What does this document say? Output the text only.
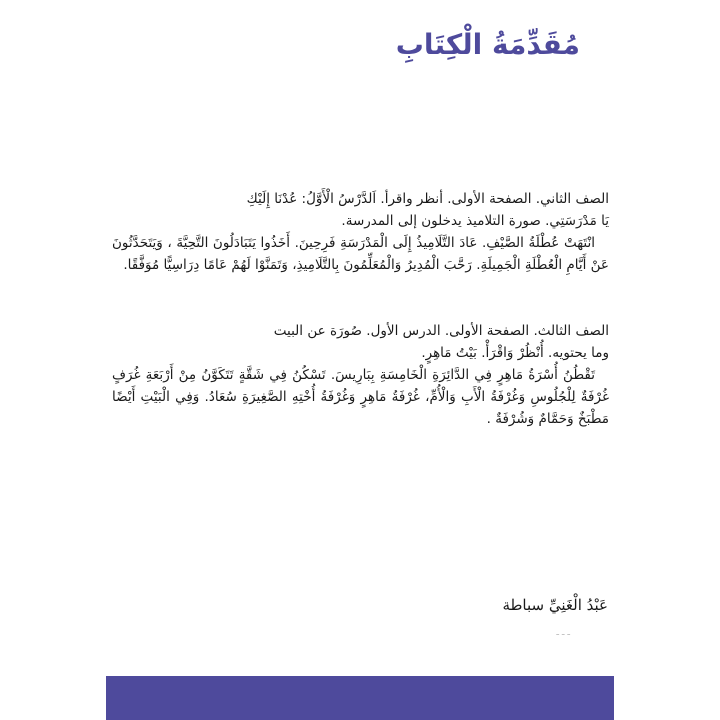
مُقَدِّمَةُ الْكِتَابِ

الصف الثاني. الصفحة الأولى. أنظر واقرأ. اَلدَّرْسُ الْأَوَّلُ: عُدْنَا إِلَيْكِ

يَا مَدْرَسَتِي. صورة التلاميذ يدخلون إلى المدرسة.

انْتَهَتْ عُطْلَةُ الصَّيْفِ. عَادَ التَّلَامِيذُ إِلَى الْمَدْرَسَةِ فَرِحِينَ. أَخَذُوا يَتَبَادَلُونَ التَّحِيَّةَ ، وَيَتَحَدَّثُونَ عَنْ أَيَّامِ الْعُطْلَةِ الْجَمِيلَةِ. رَحَّبَ الْمُدِيرُ وَالْمُعَلِّمُونَ بِالتَّلَامِيذِ، وَتَمَنَّوْا لَهُمْ عَامًا دِرَاسِيًّا مُوَفَّقًا.

الصف الثالث. الصفحة الأولى. الدرس الأول. صُورَة عن البيت

وما يحتويه. أُنْظُرْ وَاقْرَأْ. بَيْتُ مَاهِرٍ.

تَقْطُنُ أُسْرَةُ مَاهِرٍ فِي الدَّائِرَةِ الْخَامِسَةِ بِبَارِيسَ. تَسْكُنُ فِي شَقَّةٍ تَتَكَوَّنُ مِنْ أَرْبَعَةِ غُرَفٍ غُرْفَةٌ لِلْجُلُوسِ وَغُرْفَةُ الْأَبِ وَالْأُمِّ، غُرْفَةُ مَاهِرٍ وَغُرْفَةُ أُخْتِهِ الصَّغِيرَةِ سُعَادُ. وَفِي الْبَيْتِ أَيْضًا مَطْبَخٌ وَحَمَّامٌ وَشُرْفَةٌ .

عَبْدُ الْغَنِيِّ سباطة
ـ ـ ـ
